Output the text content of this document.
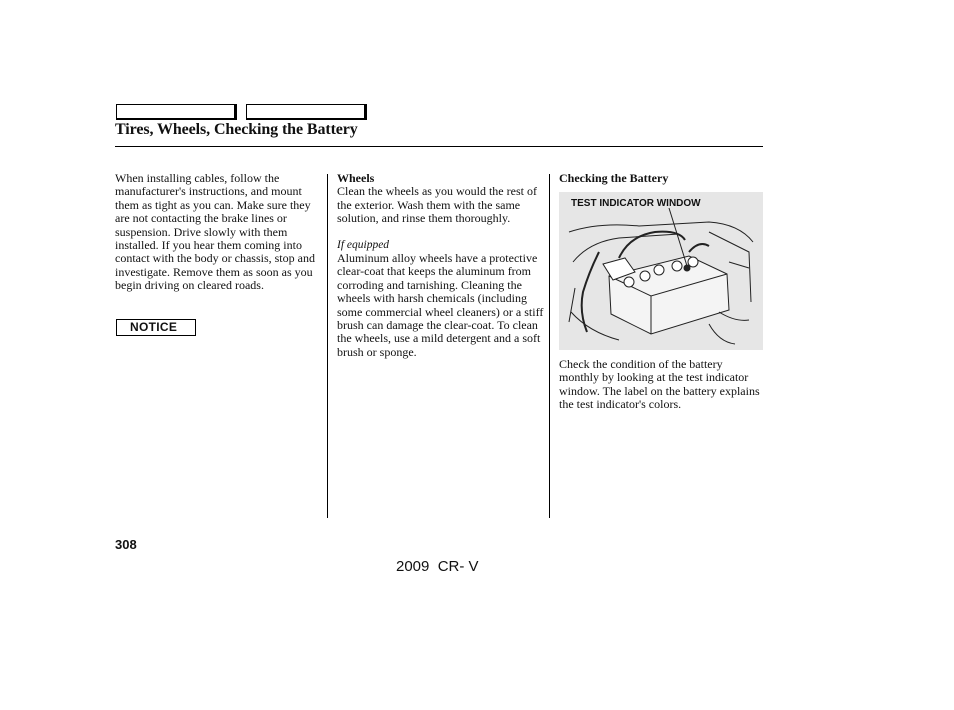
Tires, Wheels, Checking the Battery

When installing cables, follow the manufacturer's instructions, and mount them as tight as you can. Make sure they are not contacting the brake lines or suspension. Drive slowly with them installed. If you hear them coming into contact with the body or chassis, stop and investigate. Remove them as soon as you begin driving on cleared roads.

NOTICE

Wheels

Clean the wheels as you would the rest of the exterior. Wash them with the same solution, and rinse them thoroughly.

If equipped

Aluminum alloy wheels have a protective clear-coat that keeps the aluminum from corroding and tarnishing. Cleaning the wheels with harsh chemicals (including some commercial wheel cleaners) or a stiff brush can damage the clear-coat. To clean the wheels, use a mild detergent and a soft brush or sponge.

Checking the Battery

TEST INDICATOR WINDOW

Check the condition of the battery monthly by looking at the test indicator window. The label on the battery explains the test indicator's colors.

308
2009  CR- V
